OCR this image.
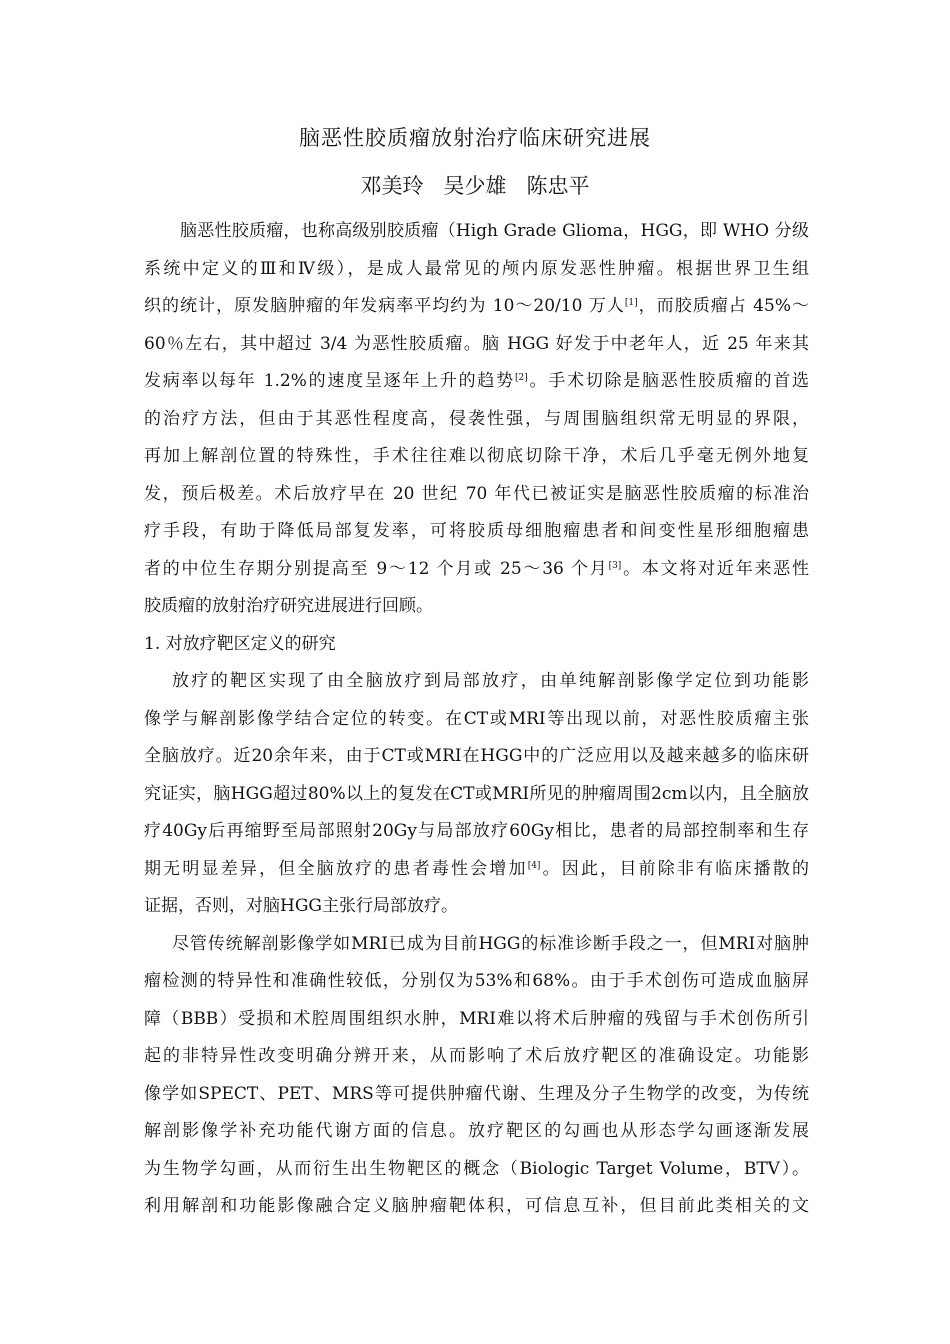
脑恶性胶质瘤放射治疗临床研究进展
邓美玲   吴少雄   陈忠平
脑恶性胶质瘤，也称高级别胶质瘤（High Grade Glioma，HGG，即 WHO 分级
系统中定义的Ⅲ和Ⅳ级），是成人最常见的颅内原发恶性肿瘤。根据世界卫生组
织的统计，原发脑肿瘤的年发病率平均约为 10～20/10 万人[1]，而胶质瘤占 45%～
60％左右，其中超过 3/4 为恶性胶质瘤。脑 HGG 好发于中老年人，近 25 年来其
发病率以每年 1.2%的速度呈逐年上升的趋势[2]。手术切除是脑恶性胶质瘤的首选
的治疗方法，但由于其恶性程度高，侵袭性强，与周围脑组织常无明显的界限，
再加上解剖位置的特殊性，手术往往难以彻底切除干净，术后几乎毫无例外地复
发，预后极差。术后放疗早在 20 世纪 70 年代已被证实是脑恶性胶质瘤的标准治
疗手段，有助于降低局部复发率，可将胶质母细胞瘤患者和间变性星形细胞瘤患
者的中位生存期分别提高至 9～12 个月或 25～36 个月[3]。本文将对近年来恶性
胶质瘤的放射治疗研究进展进行回顾。
1. 对放疗靶区定义的研究
放疗的靶区实现了由全脑放疗到局部放疗，由单纯解剖影像学定位到功能影
像学与解剖影像学结合定位的转变。在CT或MRI等出现以前，对恶性胶质瘤主张
全脑放疗。近20余年来，由于CT或MRI在HGG中的广泛应用以及越来越多的临床研
究证实，脑HGG超过80%以上的复发在CT或MRI所见的肿瘤周围2cm以内，且全脑放
疗40Gy后再缩野至局部照射20Gy与局部放疗60Gy相比，患者的局部控制率和生存
期无明显差异，但全脑放疗的患者毒性会增加[4]。因此，目前除非有临床播散的
证据，否则，对脑HGG主张行局部放疗。
尽管传统解剖影像学如MRI已成为目前HGG的标准诊断手段之一，但MRI对脑肿
瘤检测的特异性和准确性较低，分别仅为53%和68%。由于手术创伤可造成血脑屏
障（BBB）受损和术腔周围组织水肿，MRI难以将术后肿瘤的残留与手术创伤所引
起的非特异性改变明确分辨开来，从而影响了术后放疗靶区的准确设定。功能影
像学如SPECT、PET、MRS等可提供肿瘤代谢、生理及分子生物学的改变，为传统
解剖影像学补充功能代谢方面的信息。放疗靶区的勾画也从形态学勾画逐渐发展
为生物学勾画，从而衍生出生物靶区的概念（Biologic Target Volume，BTV）。
利用解剖和功能影像融合定义脑肿瘤靶体积，可信息互补，但目前此类相关的文
